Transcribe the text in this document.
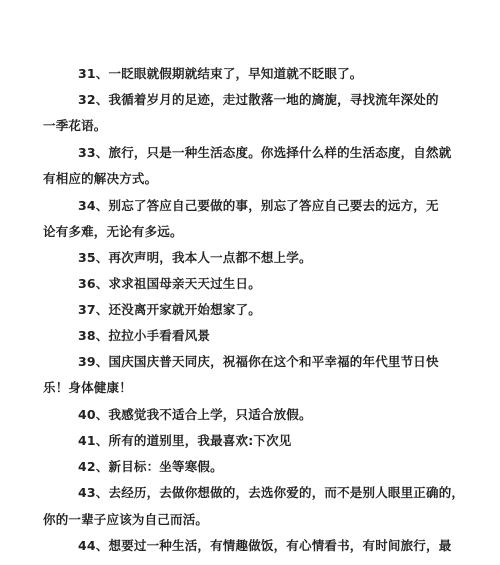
31、一眨眼就假期就结束了，早知道就不眨眼了。
32、我循着岁月的足迹，走过散落一地的旖旎，寻找流年深处的
一季花语。
33、旅行，只是一种生活态度。你选择什么样的生活态度，自然就
有相应的解决方式。
34、别忘了答应自己要做的事，别忘了答应自己要去的远方，无
论有多难，无论有多远。
35、再次声明，我本人一点都不想上学。
36、求求祖国母亲天天过生日。
37、还没离开家就开始想家了。
38、拉拉小手看看风景
39、国庆国庆普天同庆，祝福你在这个和平幸福的年代里节日快
乐！身体健康！
40、我感觉我不适合上学，只适合放假。
41、所有的道别里，我最喜欢:下次见
42、新目标：坐等寒假。
43、去经历，去做你想做的，去选你爱的，而不是别人眼里正确的，
你的一辈子应该为自己而活。
44、想要过一种生活，有情趣做饭，有心情看书，有时间旅行，最
